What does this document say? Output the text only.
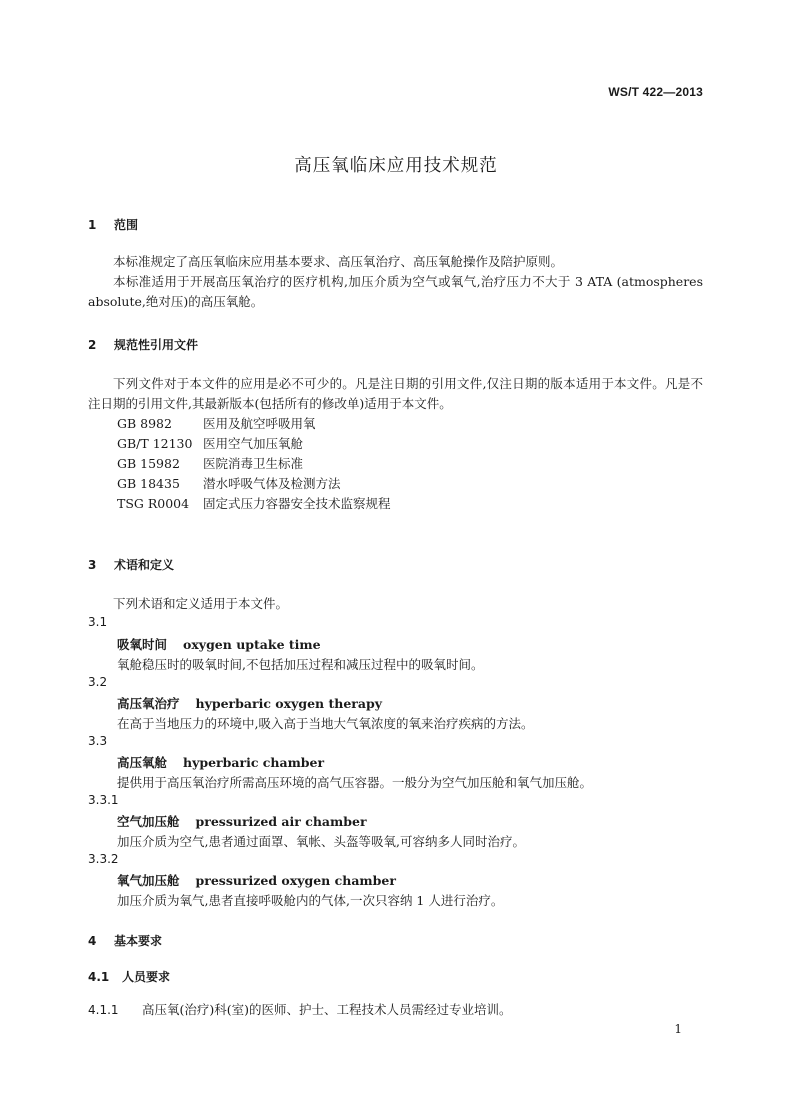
WS/T 422—2013
高压氧临床应用技术规范
1 范围
本标准规定了高压氧临床应用基本要求、高压氧治疗、高压氧舱操作及陪护原则。
本标准适用于开展高压氧治疗的医疗机构,加压介质为空气或氧气,治疗压力不大于 3 ATA (atmospheres absolute,绝对压)的高压氧舱。
2 规范性引用文件
下列文件对于本文件的应用是必不可少的。凡是注日期的引用文件,仅注日期的版本适用于本文件。凡是不注日期的引用文件,其最新版本(包括所有的修改单)适用于本文件。
GB 8982 医用及航空呼吸用氧
GB/T 12130 医用空气加压氧舱
GB 15982 医院消毒卫生标准
GB 18435 潜水呼吸气体及检测方法
TSG R0004 固定式压力容器安全技术监察规程
3 术语和定义
下列术语和定义适用于本文件。
3.1
吸氧时间 oxygen uptake time
氧舱稳压时的吸氧时间,不包括加压过程和减压过程中的吸氧时间。
3.2
高压氧治疗 hyperbaric oxygen therapy
在高于当地压力的环境中,吸入高于当地大气氧浓度的氧来治疗疾病的方法。
3.3
高压氧舱 hyperbaric chamber
提供用于高压氧治疗所需高压环境的高气压容器。一般分为空气加压舱和氧气加压舱。
3.3.1
空气加压舱 pressurized air chamber
加压介质为空气,患者通过面罩、氧帐、头盔等吸氧,可容纳多人同时治疗。
3.3.2
氧气加压舱 pressurized oxygen chamber
加压介质为氧气,患者直接呼吸舱内的气体,一次只容纳 1 人进行治疗。
4 基本要求
4.1 人员要求
4.1.1 高压氧(治疗)科(室)的医师、护士、工程技术人员需经过专业培训。
1
